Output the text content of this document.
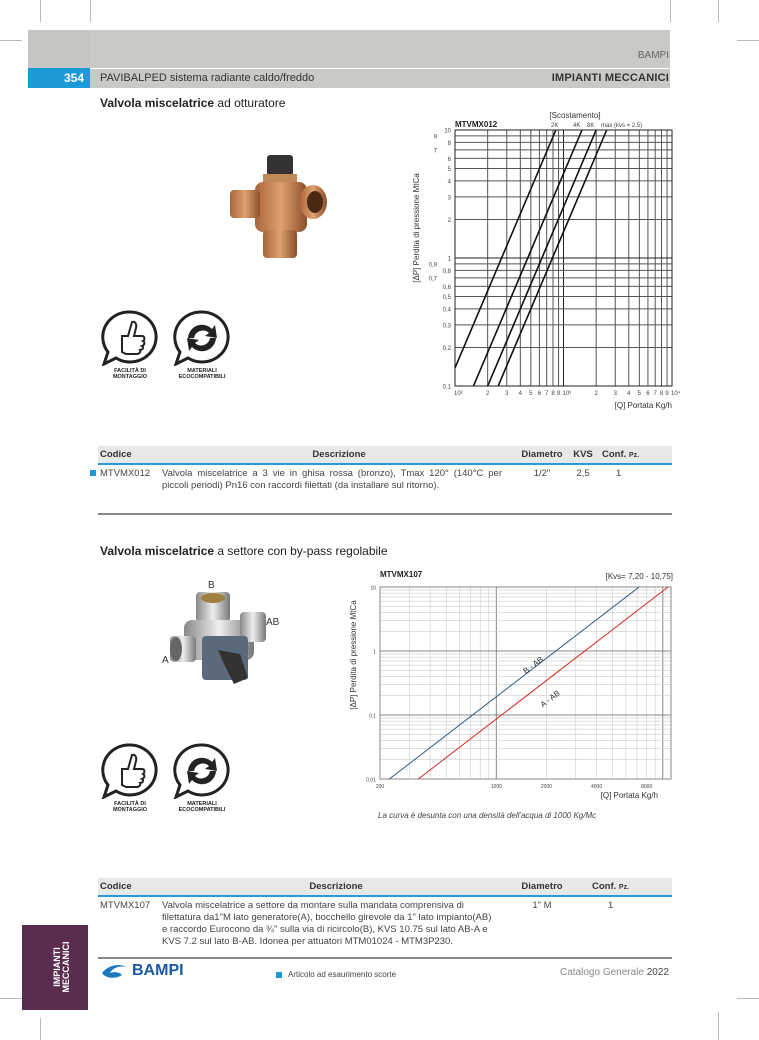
354
BAMPI
PAVIBALPED sistema radiante caldo/freddo	IMPIANTI MECCANICI
Valvola miscelatrice ad otturatore
FACILITÀ DI
MONTAGGIO
MATERIALI
ECOCOMPATIBILI
MTVMX012
[Scostamento]
10
9
8
7
6
5
4
3
2
1
0,9
0,8
0,7
0,6
0,5
0,4
0,3
0,2
0,1
10²	2	3 4 5 6 7 8 9 10³	2	3 4 5 6 7 8 9 10⁴
2K 4K 8K max (kvs = 2,5)
[Q] Portata Kg/h
[ΔP] Perdita di pressione MtCa
Codice	Descrizione	Diametro	KVS	Conf. Pz.

MTVMX012	Valvola miscelatrice a 3 vie in ghisa rossa (bronzo), Tmax 120° (140°C per piccoli periodi) Pn16 con raccordi filettati (da installare sul ritorno).	1/2"	2,5	1
Valvola miscelatrice a settore con by-pass regolabile
B
AB
A
FACILITÀ DI
MONTAGGIO
MATERIALI
ECOCOMPATIBILI
MTVMX107	[Kvs= 7,20 - 10,75]
10
1
0,1
0,01
200	1000	2000	4000	8000
B - AB
A - AB
[Q] Portata Kg/h
[ΔP] Perdita di pressione MtCa
La curva è desunta con una densità dell'acqua di 1000 Kg/Mc
Codice	Descrizione	Diametro	Conf. Pz.
MTVMX107	Valvola miscelatrice a settore da montare sulla mandata comprensiva di filettatura da1"M lato generatore(A), bocchello girevole da 1" lato impianto(AB) e raccordo Eurocono da ¾" sulla via di ricircolo(B), KVS 10.75 sul lato AB-A e KVS 7.2 sul lato B-AB. Idonea per attuatori MTM01024 - MTM3P230.	1" M	1
IMPIANTI MECCANICI	BAMPI	Articolo ad esaurimento scorte	Catalogo Generale 2022
